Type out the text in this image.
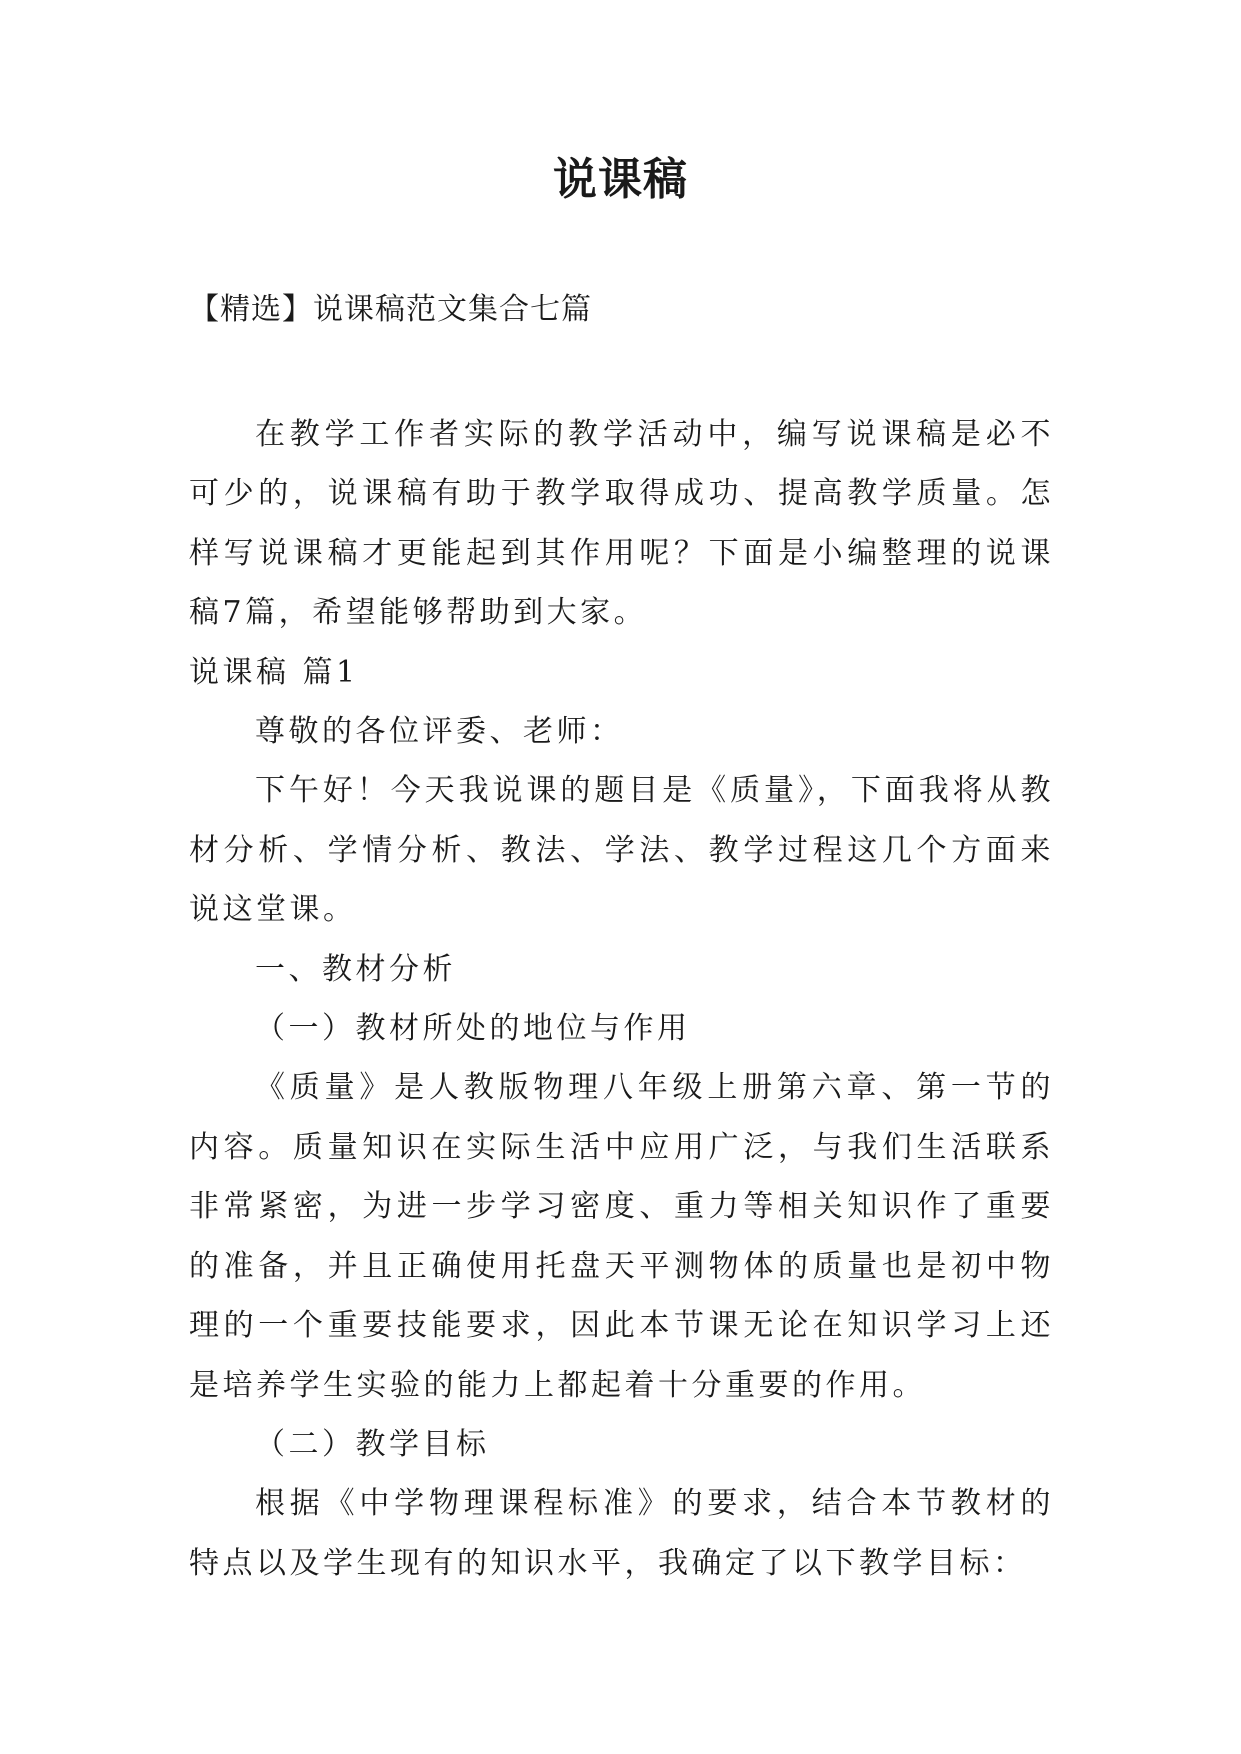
说课稿

【精选】说课稿范文集合七篇

在教学工作者实际的教学活动中，编写说课稿是必不可少的，说课稿有助于教学取得成功、提高教学质量。怎样写说课稿才更能起到其作用呢？下面是小编整理的说课稿7篇，希望能够帮助到大家。

说课稿 篇1

尊敬的各位评委、老师：

下午好！今天我说课的题目是《质量》，下面我将从教材分析、学情分析、教法、学法、教学过程这几个方面来说这堂课。

一、教材分析

（一）教材所处的地位与作用

《质量》是人教版物理八年级上册第六章、第一节的内容。质量知识在实际生活中应用广泛，与我们生活联系非常紧密，为进一步学习密度、重力等相关知识作了重要的准备，并且正确使用托盘天平测物体的质量也是初中物理的一个重要技能要求，因此本节课无论在知识学习上还是培养学生实验的能力上都起着十分重要的作用。

（二）教学目标

根据《中学物理课程标准》的要求，结合本节教材的特点以及学生现有的知识水平，我确定了以下教学目标：
